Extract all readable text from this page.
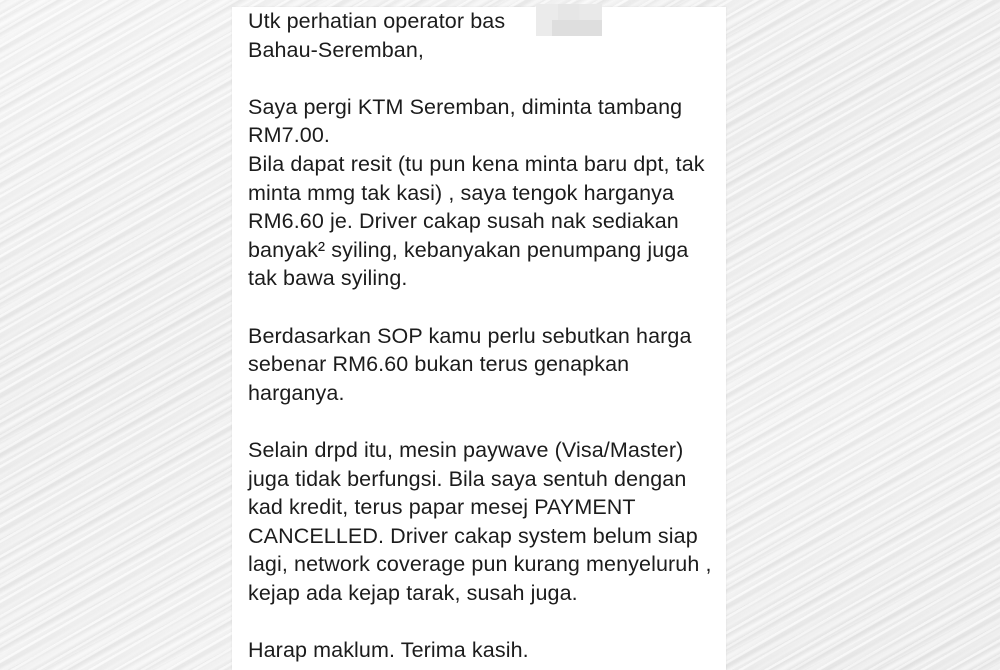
Utk perhatian operator bas
Bahau-Seremban,
Saya pergi KTM Seremban, diminta tambang
RM7.00.
Bila dapat resit (tu pun kena minta baru dpt, tak
minta mmg tak kasi) , saya tengok harganya
RM6.60 je. Driver cakap susah nak sediakan
banyak² syiling, kebanyakan penumpang juga
tak bawa syiling.
Berdasarkan SOP kamu perlu sebutkan harga
sebenar RM6.60 bukan terus genapkan
harganya.
Selain drpd itu, mesin paywave (Visa/Master)
juga tidak berfungsi. Bila saya sentuh dengan
kad kredit, terus papar mesej PAYMENT
CANCELLED. Driver cakap system belum siap
lagi, network coverage pun kurang menyeluruh ,
kejap ada kejap tarak, susah juga.
Harap maklum. Terima kasih.
